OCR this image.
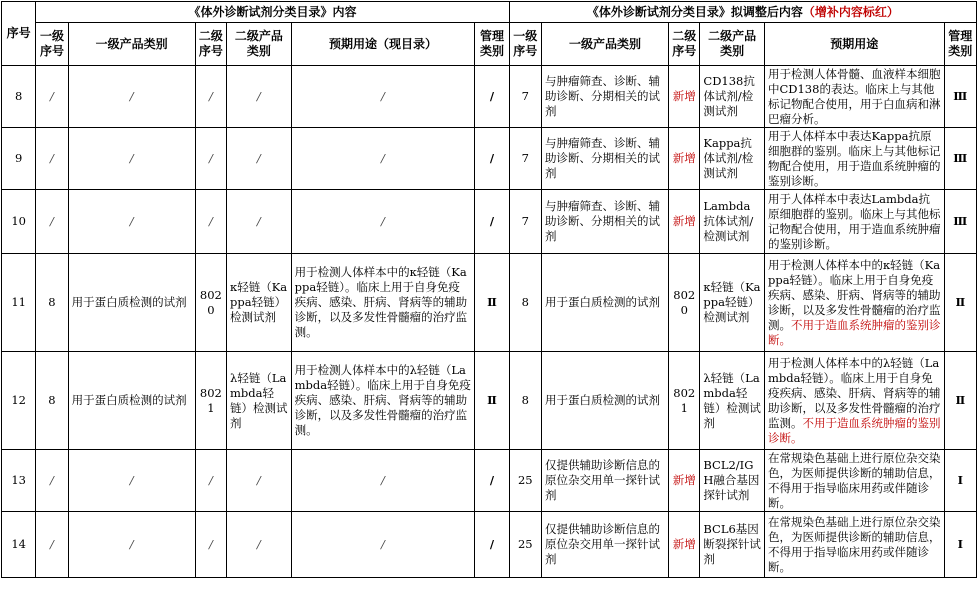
序号	《体外诊断试剂分类目录》内容						《体外诊断试剂分类目录》拟调整后内容（增补内容标红）					
	一级序号	一级产品类别	二级序号	二级产品类别	预期用途（现目录）	管理类别	一级序号	一级产品类别	二级序号	二级产品类别	预期用途	管理类别
8	/	/	/	/	/	/	7	与肿瘤筛查、诊断、辅助诊断、分期相关的试剂	新增	CD138抗体试剂/检测试剂	用于检测人体骨髓、血液样本细胞中CD138的表达。临床上与其他标记物配合使用，用于白血病和淋巴瘤分析。	Ⅲ
9	/	/	/	/	/	/	7	与肿瘤筛查、诊断、辅助诊断、分期相关的试剂	新增	Kappa抗体试剂/检测试剂	用于人体样本中表达Kappa抗原细胞群的鉴别。临床上与其他标记物配合使用，用于造血系统肿瘤的鉴别诊断。	Ⅲ
10	/	/	/	/	/	/	7	与肿瘤筛查、诊断、辅助诊断、分期相关的试剂	新增	Lambda抗体试剂/检测试剂	用于人体样本中表达Lambda抗原细胞群的鉴别。临床上与其他标记物配合使用，用于造血系统肿瘤的鉴别诊断。	Ⅲ
11	8	用于蛋白质检测的试剂	8020	κ轻链（Kappa轻链）检测试剂	用于检测人体样本中的κ轻链（Kappa轻链）。临床上用于自身免疫疾病、感染、肝病、肾病等的辅助诊断，以及多发性骨髓瘤的治疗监测。	Ⅱ	8	用于蛋白质检测的试剂	8020	κ轻链（Kappa轻链）检测试剂	用于检测人体样本中的κ轻链（Kappa轻链）。临床上用于自身免疫疾病、感染、肝病、肾病等的辅助诊断，以及多发性骨髓瘤的治疗监测。不用于造血系统肿瘤的鉴别诊断。	Ⅱ
12	8	用于蛋白质检测的试剂	8021	λ轻链（Lambda轻链）检测试剂	用于检测人体样本中的λ轻链（Lambda轻链）。临床上用于自身免疫疾病、感染、肝病、肾病等的辅助诊断，以及多发性骨髓瘤的治疗监测。	Ⅱ	8	用于蛋白质检测的试剂	8021	λ轻链（Lambda轻链）检测试剂	用于检测人体样本中的λ轻链（Lambda轻链）。临床上用于自身免疫疾病、感染、肝病、肾病等的辅助诊断，以及多发性骨髓瘤的治疗监测。不用于造血系统肿瘤的鉴别诊断。	Ⅱ
13	/	/	/	/	/	/	25	仅提供辅助诊断信息的原位杂交用单一探针试剂	新增	BCL2/IGH融合基因探针试剂	在常规染色基础上进行原位杂交染色，为医师提供诊断的辅助信息，不得用于指导临床用药或伴随诊断。	Ⅰ
14	/	/	/	/	/	/	25	仅提供辅助诊断信息的原位杂交用单一探针试剂	新增	BCL6基因断裂探针试剂	在常规染色基础上进行原位杂交染色，为医师提供诊断的辅助信息，不得用于指导临床用药或伴随诊断。	Ⅰ
